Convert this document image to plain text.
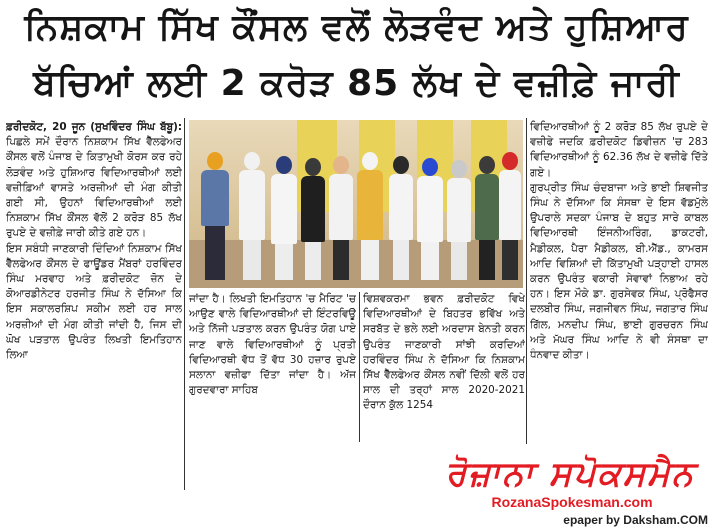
ਨਿਸ਼ਕਾਮ ਸਿੱਖ ਕੌਂਸਲ ਵਲੋਂ ਲੋੜਵੰਦ ਅਤੇ ਹੁਸ਼ਿਆਰ
ਬੱਚਿਆਂ ਲਈ 2 ਕਰੋੜ 85 ਲੱਖ ਦੇ ਵਜ਼ੀਫ਼ੇ ਜਾਰੀ

ਫ਼ਰੀਦਕੋਟ, 20 ਜੂਨ (ਸੁਖਵਿੰਦਰ ਸਿੰਘ ਬੱਬੂ): ਪਿਛਲੇ ਸਮੇਂ ਦੌਰਾਨ ਨਿਸ਼ਕਾਮ ਸਿੱਖ ਵੈੱਲਫੇਅਰ ਕੌਂਸਲ ਵਲੋਂ ਪੰਜਾਬ ਦੇ ਕਿਤਾਮੁਖੀ ਕੋਰਸ ਕਰ ਰਹੇ ਲੋੜਵੰਦ ਅਤੇ ਹੁਸ਼ਿਆਰ ਵਿਦਿਆਰਥੀਆਂ ਲਈ ਵਜ਼ੀਫ਼ਿਆਂ ਵਾਸਤੇ ਅਰਜ਼ੀਆਂ ਦੀ ਮੰਗ ਕੀਤੀ ਗਈ ਸੀ, ਉਹਨਾਂ ਵਿਦਿਆਰਥੀਆਂ ਲਈ ਨਿਸ਼ਕਾਮ ਸਿੱਖ ਕੌਂਸਲ ਵੱਲੋਂ 2 ਕਰੋੜ 85 ਲੱਖ ਰੁਪਏ ਦੇ ਵਜ਼ੀਫ਼ੇ ਜਾਰੀ ਕੀਤੇ ਗਏ ਹਨ।

ਇਸ ਸਬੰਧੀ ਜਾਣਕਾਰੀ ਦਿੰਦਿਆਂ ਨਿਸ਼ਕਾਮ ਸਿੱਖ ਵੈੱਲਫੇਅਰ ਕੌਂਸਲ ਦੇ ਫਾਊਂਡਰ ਮੈਂਬਰਾਂ ਹਰਵਿੰਦਰ ਸਿੰਘ ਮਰਵਾਹ ਅਤੇ ਫ਼ਰੀਦਕੋਟ ਜ਼ੋਨ ਦੇ ਕੋਆਰਡੀਨੇਟਰ ਹਰਜੀਤ ਸਿੰਘ ਨੇ ਦੱਸਿਆ ਕਿ ਇਸ ਸਕਾਲਰਸ਼ਿਪ ਸਕੀਮ ਲਈ ਹਰ ਸਾਲ ਅਰਜ਼ੀਆਂ ਦੀ ਮੰਗ ਕੀਤੀ ਜਾਂਦੀ ਹੈ, ਜਿਸ ਦੀ ਘੋਖ ਪੜਤਾਲ ਉਪਰੰਤ ਲਿਖਤੀ ਇਮਤਿਹਾਨ ਲਿਆ

ਜਾਂਦਾ ਹੈ। ਲਿਖਤੀ ਇਮਤਿਹਾਨ 'ਚ ਮੈਰਿਟ 'ਚ ਆਉਣ ਵਾਲੇ ਵਿਦਿਆਰਥੀਆਂ ਦੀ ਇੰਟਰਵਿਊ ਅਤੇ ਨਿੱਜੀ ਪੜਤਾਲ ਕਰਨ ਉਪਰੰਤ ਯੋਗ ਪਾਏ ਜਾਣ ਵਾਲੇ ਵਿਦਿਆਰਥੀਆਂ ਨੂੰ ਪ੍ਰਤੀ ਵਿਦਿਆਰਥੀ ਵੱਧ ਤੋਂ ਵੱਧ 30 ਹਜ਼ਾਰ ਰੁਪਏ ਸਲਾਨਾ ਵਜ਼ੀਫਾ ਦਿੱਤਾ ਜਾਂਦਾ ਹੈ। ਅੱਜ ਗੁਰਦਵਾਰਾ ਸਾਹਿਬ

ਵਿਸ਼ਵਕਰਮਾ ਭਵਨ ਫ਼ਰੀਦਕੋਟ ਵਿਖੇ ਵਿਦਿਆਰਥੀਆਂ ਦੇ ਬਿਹਤਰ ਭਵਿੱਖ ਅਤੇ ਸਰਬੱਤ ਦੇ ਭਲੇ ਲਈ ਅਰਦਾਸ ਬੇਨਤੀ ਕਰਨ ਉਪਰੰਤ ਜਾਣਕਾਰੀ ਸਾਂਝੀ ਕਰਦਿਆਂ ਹਰਵਿੰਦਰ ਸਿੰਘ ਨੇ ਦੱਸਿਆ ਕਿ ਨਿਸ਼ਕਾਮ ਸਿੱਖ ਵੈੱਲਫੇਅਰ ਕੌਂਸਲ ਨਵੀਂ ਦਿੱਲੀ ਵਲੋਂ ਹਰ ਸਾਲ ਦੀ ਤਰ੍ਹਾਂ ਸਾਲ 2020-2021 ਦੌਰਾਨ ਕੁੱਲ 1254

ਵਿਦਿਆਰਥੀਆਂ ਨੂੰ 2 ਕਰੋੜ 85 ਲੱਖ ਰੁਪਏ ਦੇ ਵਜ਼ੀਫੇ ਜਦਕਿ ਫ਼ਰੀਦਕੋਟ ਡਿਵੀਜ਼ਨ 'ਚ 283 ਵਿਦਿਆਰਥੀਆਂ ਨੂੰ 62.36 ਲੱਖ ਦੇ ਵਜ਼ੀਫੇ ਦਿੱਤੇ ਗਏ।

ਗੁਰਪ੍ਰੀਤ ਸਿੰਘ ਚੰਦਬਾਜਾ ਅਤੇ ਭਾਈ ਸ਼ਿਵਜੀਤ ਸਿੰਘ ਨੇ ਦੱਸਿਆ ਕਿ ਸੰਸਥਾ ਦੇ ਇਸ ਵੱਡਮੁੱਲੇ ਉਪਰਾਲੇ ਸਦਕਾ ਪੰਜਾਬ ਦੇ ਬਹੁਤ ਸਾਰੇ ਕਾਬਲ ਵਿਦਿਆਰਥੀ ਇੰਜਨੀਅਰਿੰਗ, ਡਾਕਟਰੀ, ਮੈਡੀਕਲ, ਪੈਰਾ ਮੈਡੀਕਲ, ਬੀ.ਐੱਡ., ਕਾਮਰਸ ਆਦਿ ਵਿਸ਼ਿਆਂ ਦੀ ਕਿੱਤਾਮੁਖੀ ਪੜ੍ਹਾਈ ਹਾਸਲ ਕਰਨ ਉਪਰੰਤ ਵਕਾਰੀ ਸੇਵਾਵਾਂ ਨਿਭਾਅ ਰਹੇ ਹਨ। ਇਸ ਮੌਕੇ ਡਾ. ਗੁਰਸੇਵਕ ਸਿੰਘ, ਪ੍ਰੋਫੈਸਰ ਦਲਬੀਰ ਸਿੰਘ, ਜਗਜੀਵਨ ਸਿੰਘ, ਜਗਤਾਰ ਸਿੰਘ ਗਿੱਲ, ਮਨਦੀਪ ਸਿੰਘ, ਭਾਈ ਗੁਰਚਰਨ ਸਿੰਘ ਅਤੇ ਮੱਘਰ ਸਿੰਘ ਆਦਿ ਨੇ ਵੀ ਸੰਸਥਾ ਦਾ ਧੰਨਵਾਦ ਕੀਤਾ।

ਰੋਜ਼ਾਨਾ ਸਪੋਕਸਮੈਨ
RozanaSpokesman.com
epaper by Daksham.COM
